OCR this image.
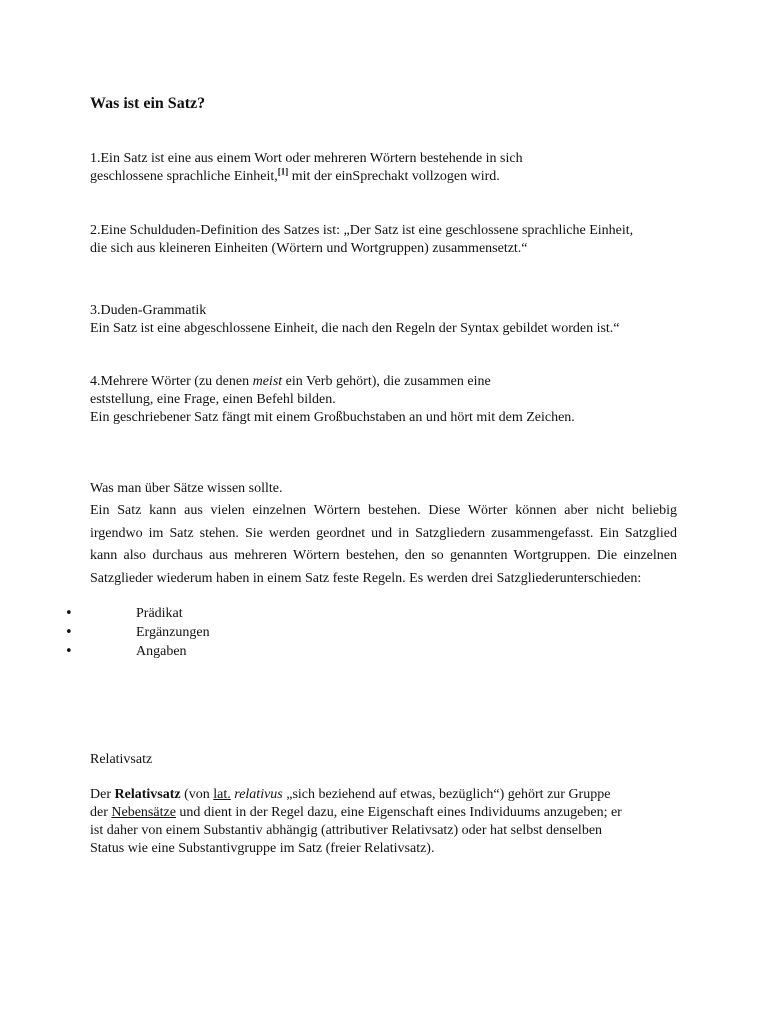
Was ist ein Satz?
1.Ein Satz ist eine aus einem Wort oder mehreren Wörtern bestehende in sich
geschlossene sprachliche Einheit,[1] mit der einSprechakt vollzogen wird.
2.Eine Schulduden-Definition des Satzes ist: „Der Satz ist eine geschlossene sprachliche Einheit,
die sich aus kleineren Einheiten (Wörtern und Wortgruppen) zusammensetzt.“
3.Duden-Grammatik
Ein Satz ist eine abgeschlossene Einheit, die nach den Regeln der Syntax gebildet worden ist.“
4.Mehrere Wörter (zu denen meist ein Verb gehört), die zusammen eine
eststellung, eine Frage, einen Befehl bilden.
Ein geschriebener Satz fängt mit einem Großbuchstaben an und hört mit dem Zeichen.
Was man über Sätze wissen sollte.
Ein Satz kann aus vielen einzelnen Wörtern bestehen. Diese Wörter können aber nicht beliebig irgendwo im Satz stehen. Sie werden geordnet und in Satzgliedern zusammengefasst. Ein Satzglied kann also durchaus aus mehreren Wörtern bestehen, den so genannten Wortgruppen. Die einzelnen Satzglieder wiederum haben in einem Satz feste Regeln. Es werden drei Satzgliederunterschieden:
•	Prädikat
•	Ergänzungen
•	Angaben
Relativsatz
Der Relativsatz (von lat. relativus „sich beziehend auf etwas, bezüglich“) gehört zur Gruppe
der Nebensätze und dient in der Regel dazu, eine Eigenschaft eines Individuums anzugeben; er
ist daher von einem Substantiv abhängig (attributiver Relativsatz) oder hat selbst denselben
Status wie eine Substantivgruppe im Satz (freier Relativsatz).
